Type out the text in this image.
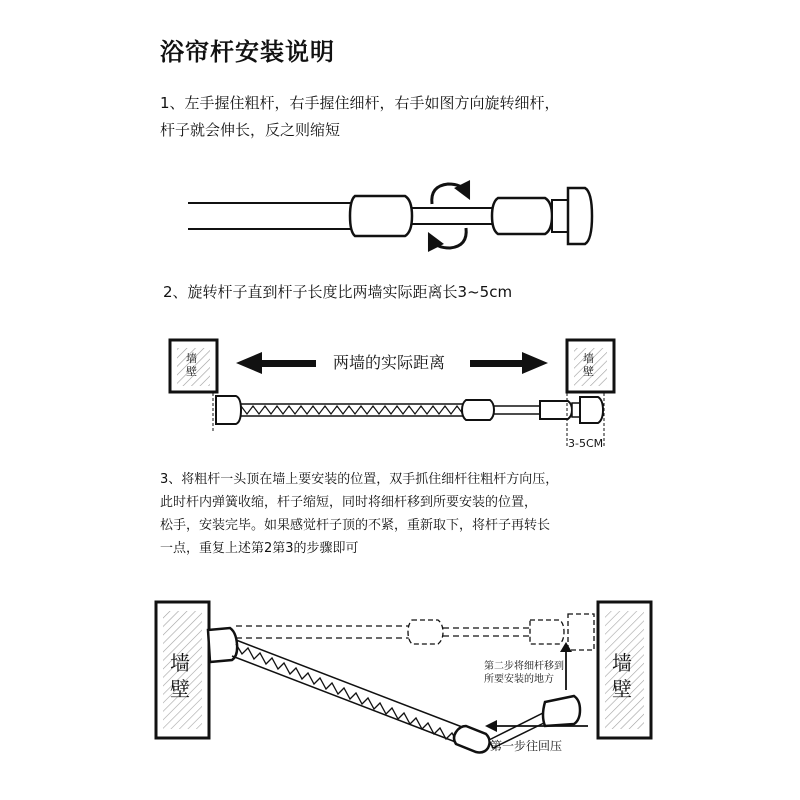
浴帘杆安装说明

1、左手握住粗杆，右手握住细杆，右手如图方向旋转细杆，

杆子就会伸长，反之则缩短

2、旋转杆子直到杆子长度比两墙实际距离长3~5cm

3、将粗杆一头顶在墙上要安装的位置，双手抓住细杆往粗杆方向压，

此时杆内弹簧收缩，杆子缩短，同时将细杆移到所要安装的位置，

松手，安装完毕。如果感觉杆子顶的不紧，重新取下，将杆子再转长

一点，重复上述第2第3的步骤即可

两墙的实际距离
墙
壁
墙
壁
3-5CM
墙
壁
墙
壁
第二步将细杆移到
所要安装的地方
第一步往回压
